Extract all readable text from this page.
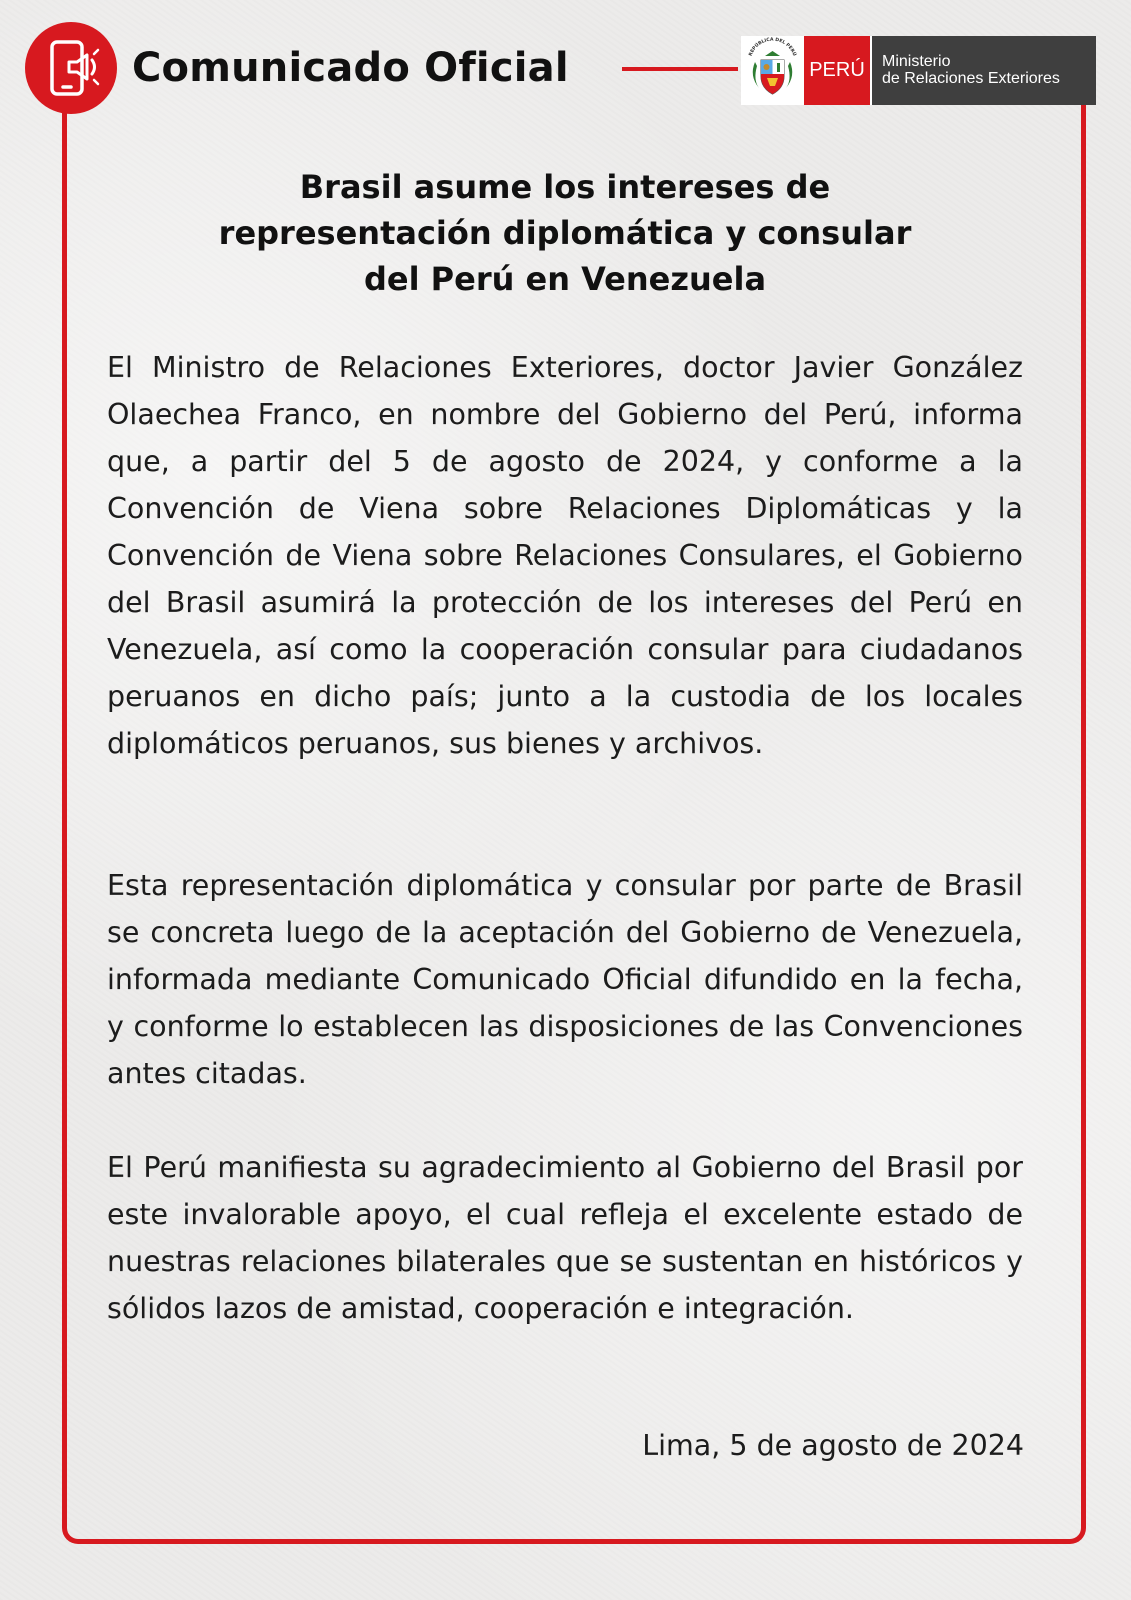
Comunicado Oficial	REPÚBLICA DEL PERÚ
PERÚ	Ministerio
de Relaciones Exteriores
Brasil asume los intereses de
representación diplomática y consular
del Perú en Venezuela

El Ministro de Relaciones Exteriores, doctor Javier González Olaechea Franco, en nombre del Gobierno del Perú, informa que, a partir del 5 de agosto de 2024, y conforme a la Convención de Viena sobre Relaciones Diplomáticas y la Convención de Viena sobre Relaciones Consulares, el Gobierno del Brasil asumirá la protección de los intereses del Perú en Venezuela, así como la cooperación consular para ciudadanos peruanos en dicho país; junto a la custodia de los locales diplomáticos peruanos, sus bienes y archivos.

Esta representación diplomática y consular por parte de Brasil se concreta luego de la aceptación del Gobierno de Venezuela, informada mediante Comunicado Oficial difundido en la fecha, y conforme lo establecen las disposiciones de las Convenciones antes citadas.

El Perú manifiesta su agradecimiento al Gobierno del Brasil por este invalorable apoyo, el cual refleja el excelente estado de nuestras relaciones bilaterales que se sustentan en históricos y sólidos lazos de amistad, cooperación e integración.

Lima, 5 de agosto de 2024
